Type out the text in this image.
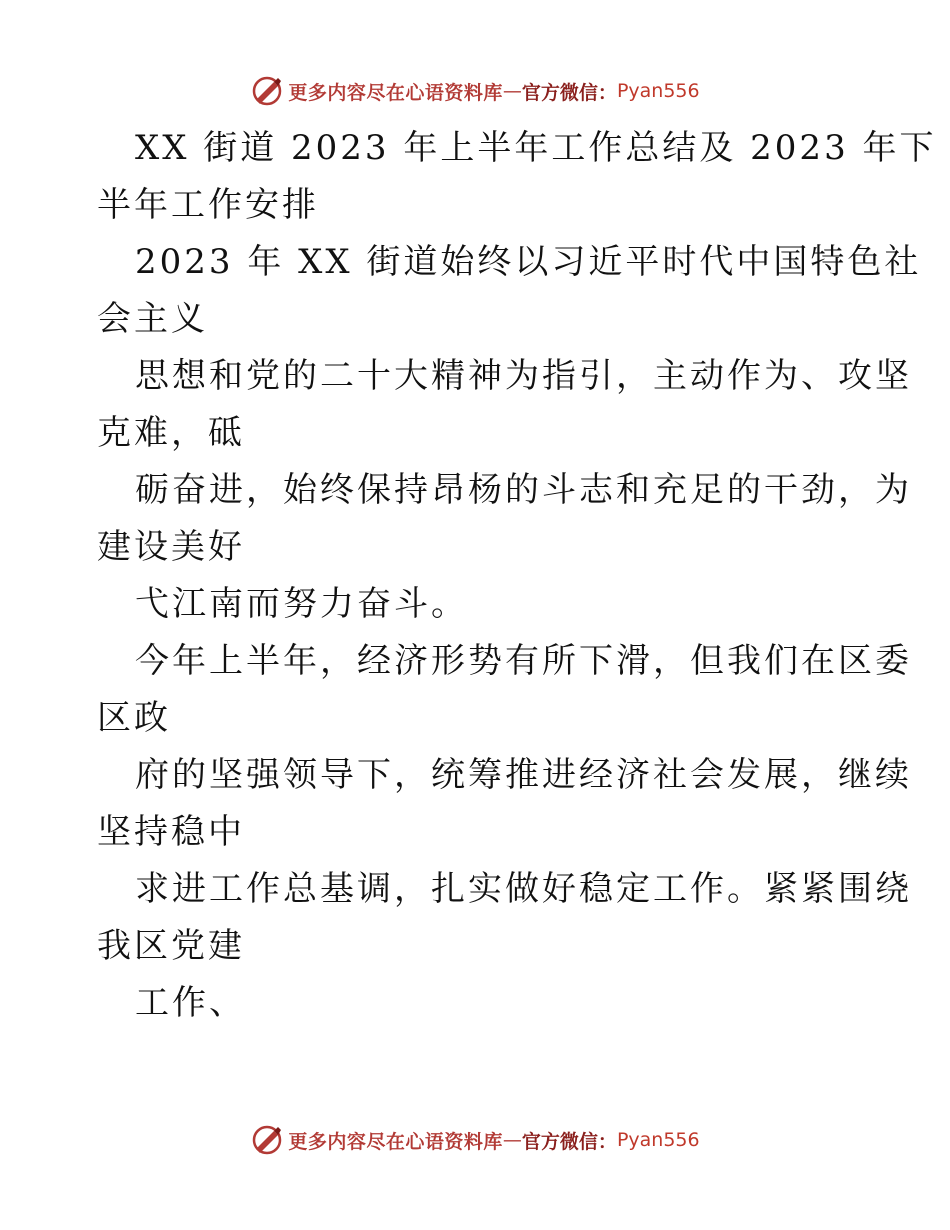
更多内容尽在心语资料库 — 官方微信： Pyan556
XX 街道 2023 年上半年工作总结及 2023 年下
半年工作安排
2023 年 XX 街道始终以习近平时代中国特色社
会主义
思想和党的二十大精神为指引，主动作为、攻坚
克难，砥
砺奋进，始终保持昂杨的斗志和充足的干劲，为
建设美好
弋江南而努力奋斗。
今年上半年，经济形势有所下滑，但我们在区委
区政
府的坚强领导下，统筹推进经济社会发展，继续
坚持稳中
求进工作总基调，扎实做好稳定工作。紧紧围绕
我区党建
工作、
更多内容尽在心语资料库 — 官方微信： Pyan556
